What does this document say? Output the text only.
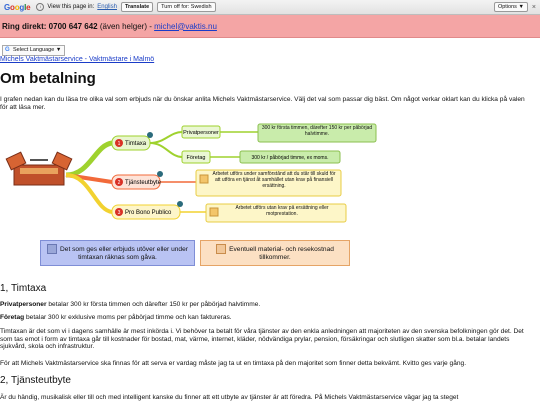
Google	i	View this page in: English	Translate	Turn off for: Swedish	Options ▼	×
Ring direkt: 0700 647 642
(även helger) -
michel@vaktis.nu
G Select Language ▼
Michels Vaktmästarservice - Vaktmästare i Malmö
Om betalning

I grafen nedan kan du läsa tre olika val som erbjuds när du önskar anlita Michels Vaktmästarservice. Välj det val som passar dig bäst. Om något verkar oklart kan du klicka på valen för att läsa mer.

1 Timtaxa
2 Tjänsteutbyte
3 Pro Bono Publico
Privatpersoner
Företag
300 kr första timmen, därefter 150 kr per påbörjad halvtimme.
300 kr / påbörjad timme, ex moms.
Arbetet utförs under samförstånd att du står till skuld för att utföra en tjänst åt samhället utan krav på finansiell ersättning.
Arbetet utförs utan krav på ersättning eller motprestation.
Det som ges eller erbjuds utöver eller under timtaxan räknas som gåva.
Eventuell material- och resekostnad tillkommer.
1, Timtaxa

Privatpersoner betalar 300 kr första timmen och därefter 150 kr per påbörjad halvtimme.

Företag betalar 300 kr exklusive moms per påbörjad timme och kan faktureras.

Timtaxan är det som vi i dagens samhälle är mest inkörda i. Vi behöver ta betalt för våra tjänster av den enkla anledningen att majoriteten av den svenska befolkningen gör det. Det som tas emot i form av timtaxa går till kostnader för bostad, mat, värme, internet, kläder, nödvändiga prylar, pension, försäkringar och slutligen skatter som bl.a. betalar landets sjukvård, skola och infrastruktur.

För att Michels Vaktmästarservice ska finnas för att serva er vardag måste jag ta ut en timtaxa på den majoritet som finner detta bekvämt. Kvitto ges varje gång.

2, Tjänsteutbyte

Är du händig, musikalisk eller till och med intelligent kanske du finner att ett utbyte av tjänster är att föredra. På Michels Vaktmästarservice vägar jag ta steget
